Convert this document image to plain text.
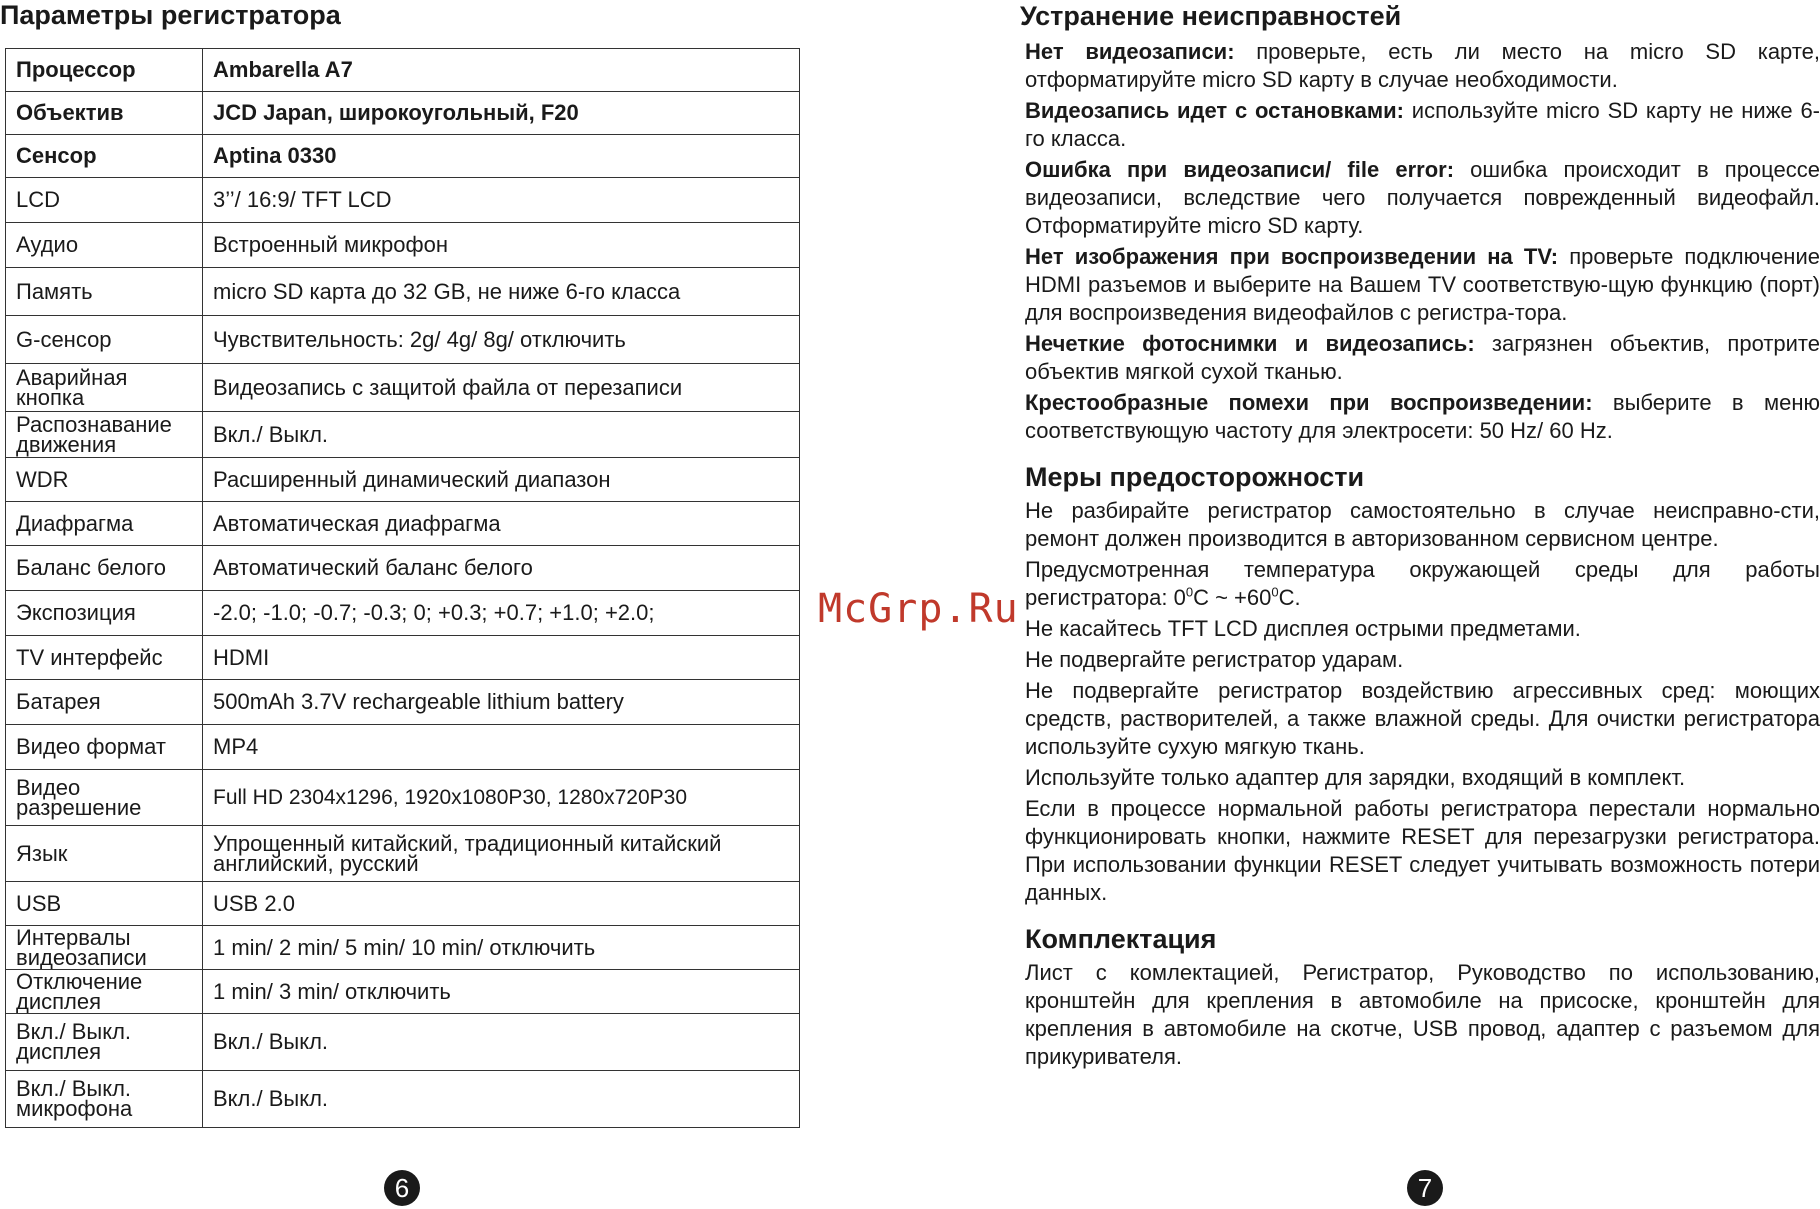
Параметры регистратора
Процессор	Ambarella A7
Объектив	JCD Japan, широкоугольный, F20
Сенсор	Aptina 0330
LCD	3’’/ 16:9/ TFT LCD
Аудио	Встроенный микрофон
Память	micro SD карта до 32 GB, не ниже 6-го класса
G-сенсор	Чувствительность: 2g/ 4g/ 8g/ отключить
Аварийная кнопка	Видеозапись с защитой файла от перезаписи
Распознавание движения	Вкл./ Выкл.
WDR	Расширенный динамический диапазон
Диафрагма	Автоматическая диафрагма
Баланс белого	Автоматический баланс белого
Экспозиция	-2.0; -1.0; -0.7; -0.3; 0; +0.3; +0.7; +1.0; +2.0;
TV интерфейс	HDMI
Батарея	500mAh 3.7V rechargeable lithium battery
Видео формат	MP4
Видео разрешение	Full HD 2304x1296, 1920x1080P30, 1280x720P30
Язык	Упрощенный китайский, традиционный китайский английский, русский
USB	USB 2.0
Интервалы видеозаписи	1 min/ 2 min/ 5 min/ 10 min/ отключить
Отключение дисплея	1 min/ 3 min/ отключить
Вкл./ Выкл. дисплея	Вкл./ Выкл.
Вкл./ Выкл. микрофона	Вкл./ Выкл.
6
McGrp.Ru
Устранение неисправностей

Нет видеозаписи: проверьте, есть ли место на micro SD карте, отформатируйте micro SD карту в случае необходимости.

Видеозапись идет с остановками: используйте micro SD карту не ниже 6-го класса.

Ошибка при видеозаписи/ file error: ошибка происходит в процессе видеозаписи, вследствие чего получается поврежденный видеофайл. Отформатируйте micro SD карту.

Нет изображения при воспроизведении на TV: проверьте подключение HDMI разъемов и выберите на Вашем TV соответствую-щую функцию (порт) для воспроизведения видеофайлов с регистра-тора.

Нечеткие фотоснимки и видеозапись: загрязнен объектив, протрите объектив мягкой сухой тканью.

Крестообразные помехи при воспроизведении: выберите в меню соответствующую частоту для электросети: 50 Hz/ 60 Hz.

Меры предосторожности

Не разбирайте регистратор самостоятельно в случае неисправно-сти, ремонт должен производится в авторизованном сервисном центре.

Предусмотренная температура окружающей среды для работы регистратора: $0^0C$ ~ $+60^0C$.

Не касайтесь TFT LCD дисплея острыми предметами.

Не подвергайте регистратор ударам.

Не подвергайте регистратор воздействию агрессивных сред: моющих средств, растворителей, а также влажной среды. Для очистки регистратора используйте сухую мягкую ткань.

Используйте только адаптер для зарядки, входящий в комплект.

Если в процессе нормальной работы регистратора перестали нормально функционировать кнопки, нажмите RESET для перезагрузки регистратора. При использовании функции RESET следует учитывать возможность потери данных.

Комплектация

Лист с комлектацией, Регистратор, Руководство по использованию, кронштейн для крепления в автомобиле на присоске, кронштейн для крепления в автомобиле на скотче, USB провод, адаптер с разъемом для прикуривателя.

7
